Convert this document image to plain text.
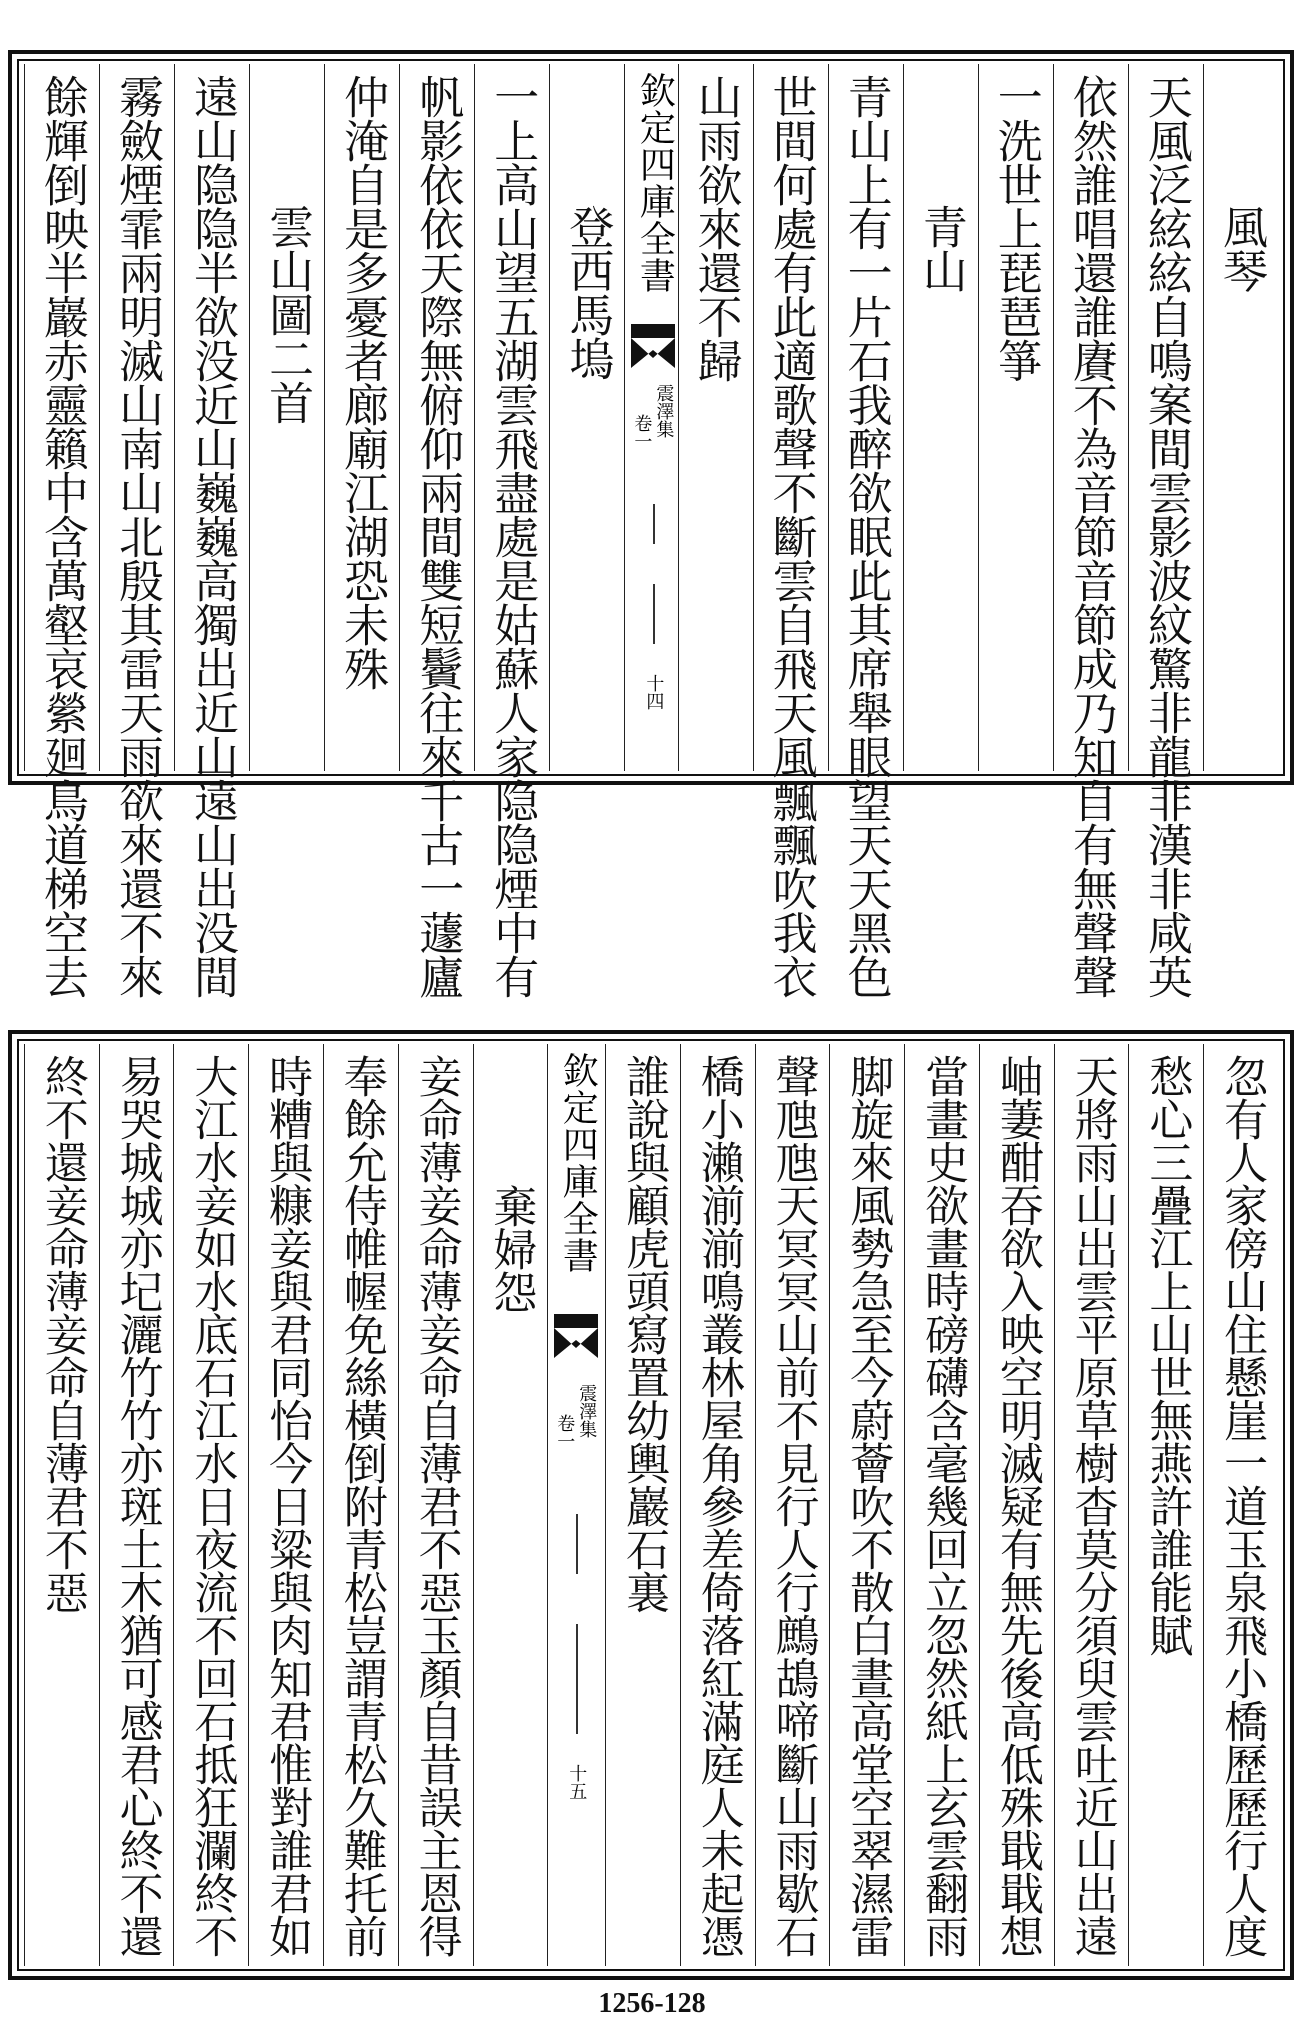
風琴
天風泛絃絃自鳴案間雲影波紋驚非龍非漢非咸英
依然誰唱還誰賡不為音節音節成乃知自有無聲聲
一洗世上琵琶箏
青山
青山上有一片石我醉欲眠此其席舉眼望天天黑色
世間何處有此適歌聲不斷雲自飛天風飄飄吹我衣
山雨欲來還不歸
欽定四庫全書
震澤集
卷一
十四
登西馬塢
一上高山望五湖雲飛盡處是姑蘇人家隐隐煙中有
帆影依依天際無俯仰兩間雙短鬢往來千古一蘧廬
仲淹自是多憂者廊廟江湖恐未殊
雲山圖二首
遠山隐隐半欲没近山巍巍高獨出近山遠山出没間
霧斂煙霏兩明滅山南山北殷其雷天雨欲來還不來
餘輝倒映半巖赤靈籟中含萬壑哀縈廻鳥道梯空去
忽有人家傍山住懸崖一道玉泉飛小橋歷歷行人度
愁心三疊江上山世無燕許誰能賦
天將雨山出雲平原草樹杳莫分須臾雲吐近山出遠
岫萋酣吞欲入映空明滅疑有無先後高低殊戢戢想
當畫史欲畫時磅礴含毫幾回立忽然紙上玄雲翻雨
脚旋來風勢急至今蔚薈吹不散白晝高堂空翠濕雷
聲虺虺天冥冥山前不見行人行鷓鴣啼斷山雨歇石
橋小瀨湔湔鳴叢林屋角參差倚落紅滿庭人未起憑
誰說與顧虎頭寫置幼輿巖石裏
欽定四庫全書
震澤集
卷一
十五
棄婦怨
妾命薄妾命薄妾命自薄君不惡玉顏自昔誤主恩得
奉餘允侍帷幄免絲橫倒附青松豈謂青松久難托前
時糟與糠妾與君同怡今日粱與肉知君惟對誰君如
大江水妾如水底石江水日夜流不回石抵狂瀾終不
易哭城城亦圮灑竹竹亦斑土木猶可感君心終不還
終不還妾命薄妾命自薄君不惡
1256-128
